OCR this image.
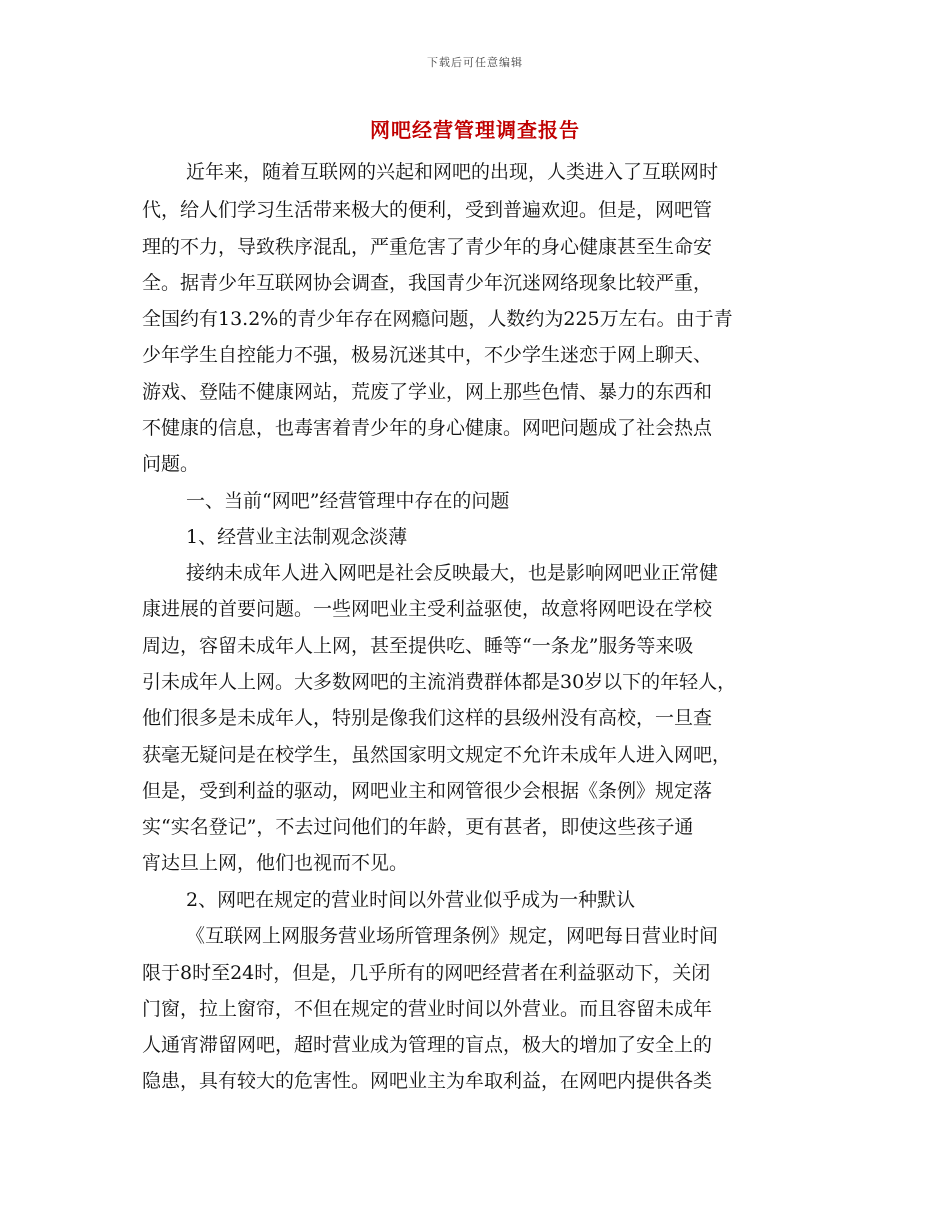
下载后可任意编辑
网吧经营管理调查报告
近年来，随着互联网的兴起和网吧的出现，人类进入了互联网时
代，给人们学习生活带来极大的便利，受到普遍欢迎。但是，网吧管
理的不力，导致秩序混乱，严重危害了青少年的身心健康甚至生命安
全。据青少年互联网协会调查，我国青少年沉迷网络现象比较严重，
全国约有13.2%的青少年存在网瘾问题，人数约为225万左右。由于青
少年学生自控能力不强，极易沉迷其中，不少学生迷恋于网上聊天、
游戏、登陆不健康网站，荒废了学业，网上那些色情、暴力的东西和
不健康的信息，也毒害着青少年的身心健康。网吧问题成了社会热点
问题。
一、当前“网吧”经营管理中存在的问题
1、经营业主法制观念淡薄
接纳未成年人进入网吧是社会反映最大，也是影响网吧业正常健
康进展的首要问题。一些网吧业主受利益驱使，故意将网吧设在学校
周边，容留未成年人上网，甚至提供吃、睡等“一条龙”服务等来吸
引未成年人上网。大多数网吧的主流消费群体都是30岁以下的年轻人，
他们很多是未成年人，特别是像我们这样的县级州没有高校，一旦查
获毫无疑问是在校学生，虽然国家明文规定不允许未成年人进入网吧，
但是，受到利益的驱动，网吧业主和网管很少会根据《条例》规定落
实“实名登记”，不去过问他们的年龄，更有甚者，即使这些孩子通
宵达旦上网，他们也视而不见。
2、网吧在规定的营业时间以外营业似乎成为一种默认
《互联网上网服务营业场所管理条例》规定，网吧每日营业时间
限于8时至24时，但是，几乎所有的网吧经营者在利益驱动下，关闭
门窗，拉上窗帘，不但在规定的营业时间以外营业。而且容留未成年
人通宵滞留网吧，超时营业成为管理的盲点，极大的增加了安全上的
隐患，具有较大的危害性。网吧业主为牟取利益，在网吧内提供各类
